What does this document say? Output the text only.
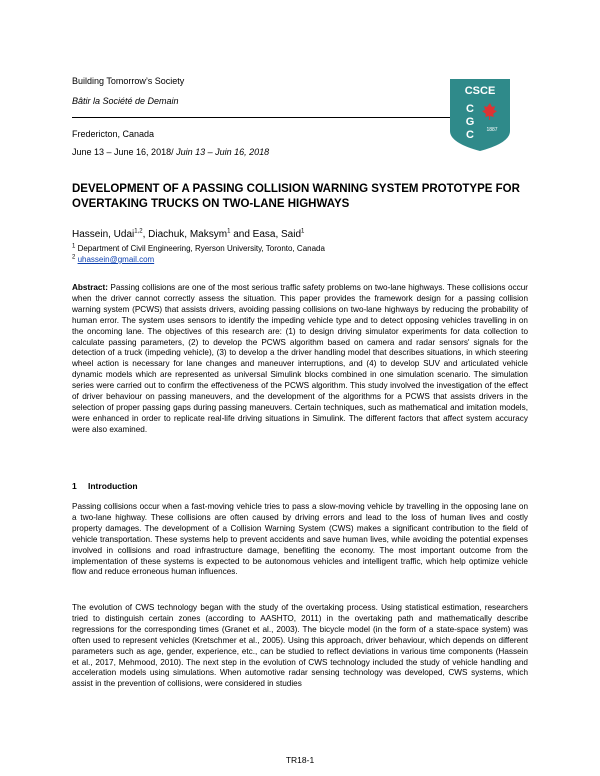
Building Tomorrow’s Society
Bâtir la Société de Demain
Fredericton, Canada
June 13 – June 16, 2018/ Juin 13 – Juin 16, 2018
CSCE
C
G
C 1887
DEVELOPMENT OF A PASSING COLLISION WARNING SYSTEM PROTOTYPE FOR OVERTAKING TRUCKS ON TWO-LANE HIGHWAYS
Hassein, Udai$^{1,2}$, Diachuk, Maksym$^1$ and Easa, Said$^1$
$^1$ Department of Civil Engineering, Ryerson University, Toronto, Canada
$^2$ uhassein@gmail.com
Abstract: Passing collisions are one of the most serious traffic safety problems on two-lane highways. These collisions occur when the driver cannot correctly assess the situation. This paper provides the framework design for a passing collision warning system (PCWS) that assists drivers, avoiding passing collisions on two-lane highways by reducing the probability of human error. The system uses sensors to identify the impeding vehicle type and to detect opposing vehicles travelling in on the oncoming lane. The objectives of this research are: (1) to design driving simulator experiments for data collection to calculate passing parameters, (2) to develop the PCWS algorithm based on camera and radar sensors' signals for the detection of a truck (impeding vehicle), (3) to develop a the driver handling model that describes situations, in which steering wheel action is necessary for lane changes and maneuver interruptions, and (4) to develop SUV and articulated vehicle dynamic models which are represented as universal Simulink blocks combined in one simulation scenario. The simulation series were carried out to confirm the effectiveness of the PCWS algorithm. This study involved the investigation of the effect of driver behaviour on passing maneuvers, and the development of the algorithms for a PCWS that assists drivers in the selection of proper passing gaps during passing maneuvers. Certain techniques, such as mathematical and imitation models, were enhanced in order to replicate real-life driving situations in Simulink. The different factors that affect system accuracy were also examined.
1 Introduction
Passing collisions occur when a fast-moving vehicle tries to pass a slow-moving vehicle by travelling in the opposing lane on a two-lane highway. These collisions are often caused by driving errors and lead to the loss of human lives and costly property damages. The development of a Collision Warning System (CWS) makes a significant contribution to the field of vehicle transportation. These systems help to prevent accidents and save human lives, while avoiding the potential expenses involved in collisions and road infrastructure damage, benefiting the economy. The most important outcome from the implementation of these systems is expected to be autonomous vehicles and intelligent traffic, which help optimize vehicle flow and reduce erroneous human influences.
The evolution of CWS technology began with the study of the overtaking process. Using statistical estimation, researchers tried to distinguish certain zones (according to AASHTO, 2011) in the overtaking path and mathematically describe regressions for the corresponding times (Granet et al., 2003). The bicycle model (in the form of a state-space system) was often used to represent vehicles (Kretschmer et al., 2005). Using this approach, driver behaviour, which depends on different parameters such as age, gender, experience, etc., can be studied to reflect deviations in various time components (Hassein et al., 2017, Mehmood, 2010). The next step in the evolution of CWS technology included the study of vehicle handling and acceleration models using simulations. When automotive radar sensing technology was developed, CWS systems, which assist in the prevention of collisions, were considered in studies
TR18-1
